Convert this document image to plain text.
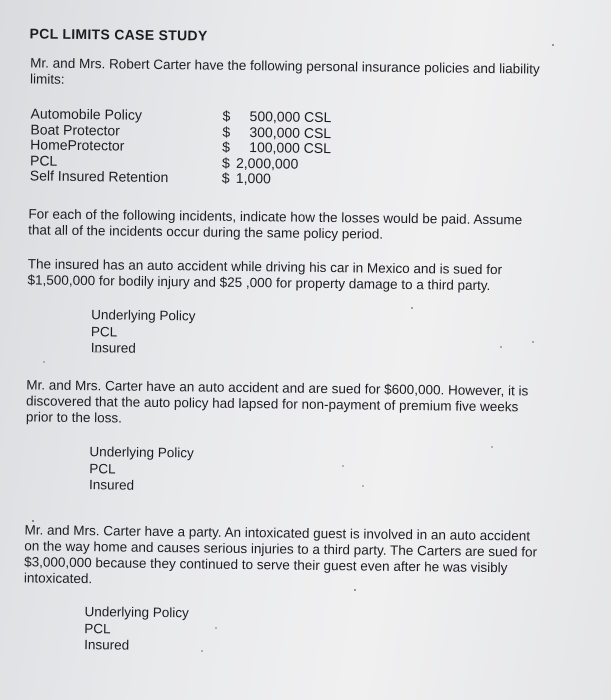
PCL LIMITS CASE STUDY
Mr. and Mrs. Robert Carter have the following personal insurance policies and liability limits:
Automobile Policy	$ 500,000 CSL
Boat Protector	$ 300,000 CSL
HomeProtector	$ 100,000 CSL
PCL	$ 2,000,000
Self Insured Retention	$ 1,000
For each of the following incidents, indicate how the losses would be paid. Assume that all of the incidents occur during the same policy period.
The insured has an auto accident while driving his car in Mexico and is sued for $1,500,000 for bodily injury and $25 ,000 for property damage to a third party.
Underlying Policy
PCL
Insured
Mr. and Mrs. Carter have an auto accident and are sued for $600,000. However, it is discovered that the auto policy had lapsed for non-payment of premium five weeks prior to the loss.
Underlying Policy
PCL
Insured
Mr. and Mrs. Carter have a party. An intoxicated guest is involved in an auto accident on the way home and causes serious injuries to a third party. The Carters are sued for $3,000,000 because they continued to serve their guest even after he was visibly intoxicated.
Underlying Policy
PCL
Insured
